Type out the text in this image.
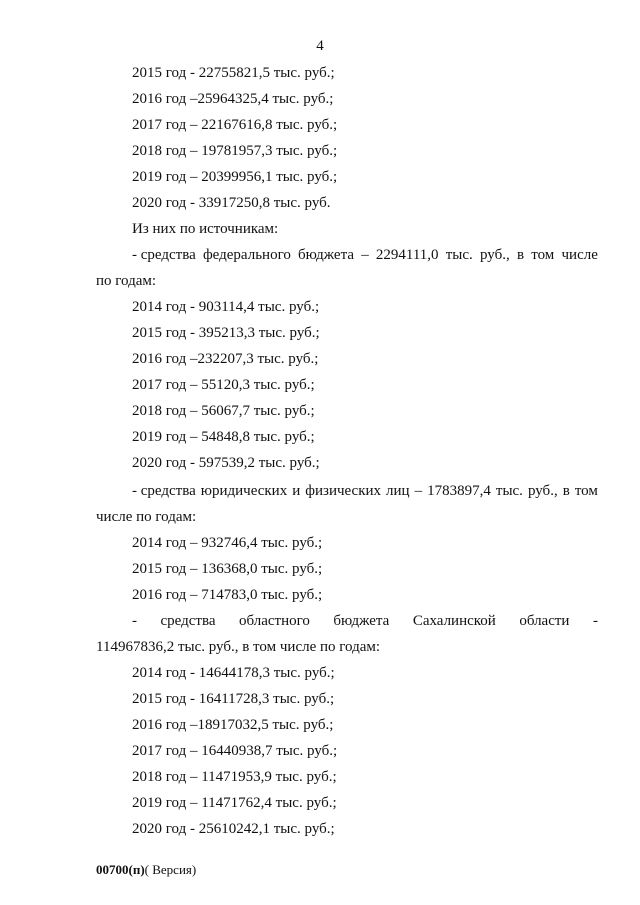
4
2015 год - 22755821,5 тыс. руб.;
2016 год –25964325,4 тыс. руб.;
2017 год – 22167616,8 тыс. руб.;
2018 год – 19781957,3 тыс. руб.;
2019 год – 20399956,1 тыс. руб.;
2020 год - 33917250,8 тыс. руб.
Из них по источникам:
- средства федерального бюджета – 2294111,0 тыс. руб., в том числе
по годам:
2014 год - 903114,4 тыс. руб.;
2015 год - 395213,3 тыс. руб.;
2016 год –232207,3 тыс. руб.;
2017 год – 55120,3 тыс. руб.;
2018 год – 56067,7 тыс. руб.;
2019 год – 54848,8 тыс. руб.;
2020 год - 597539,2 тыс. руб.;
- средства юридических и физических лиц – 1783897,4 тыс. руб., в том
числе по годам:
2014 год – 932746,4 тыс. руб.;
2015 год – 136368,0 тыс. руб.;
2016 год – 714783,0 тыс. руб.;
- средства областного бюджета Сахалинской области -
114967836,2 тыс. руб., в том числе по годам:
2014 год - 14644178,3 тыс. руб.;
2015 год - 16411728,3 тыс. руб.;
2016 год –18917032,5 тыс. руб.;
2017 год – 16440938,7 тыс. руб.;
2018 год – 11471953,9 тыс. руб.;
2019 год – 11471762,4 тыс. руб.;
2020 год - 25610242,1 тыс. руб.;
00700(п)( Версия)
